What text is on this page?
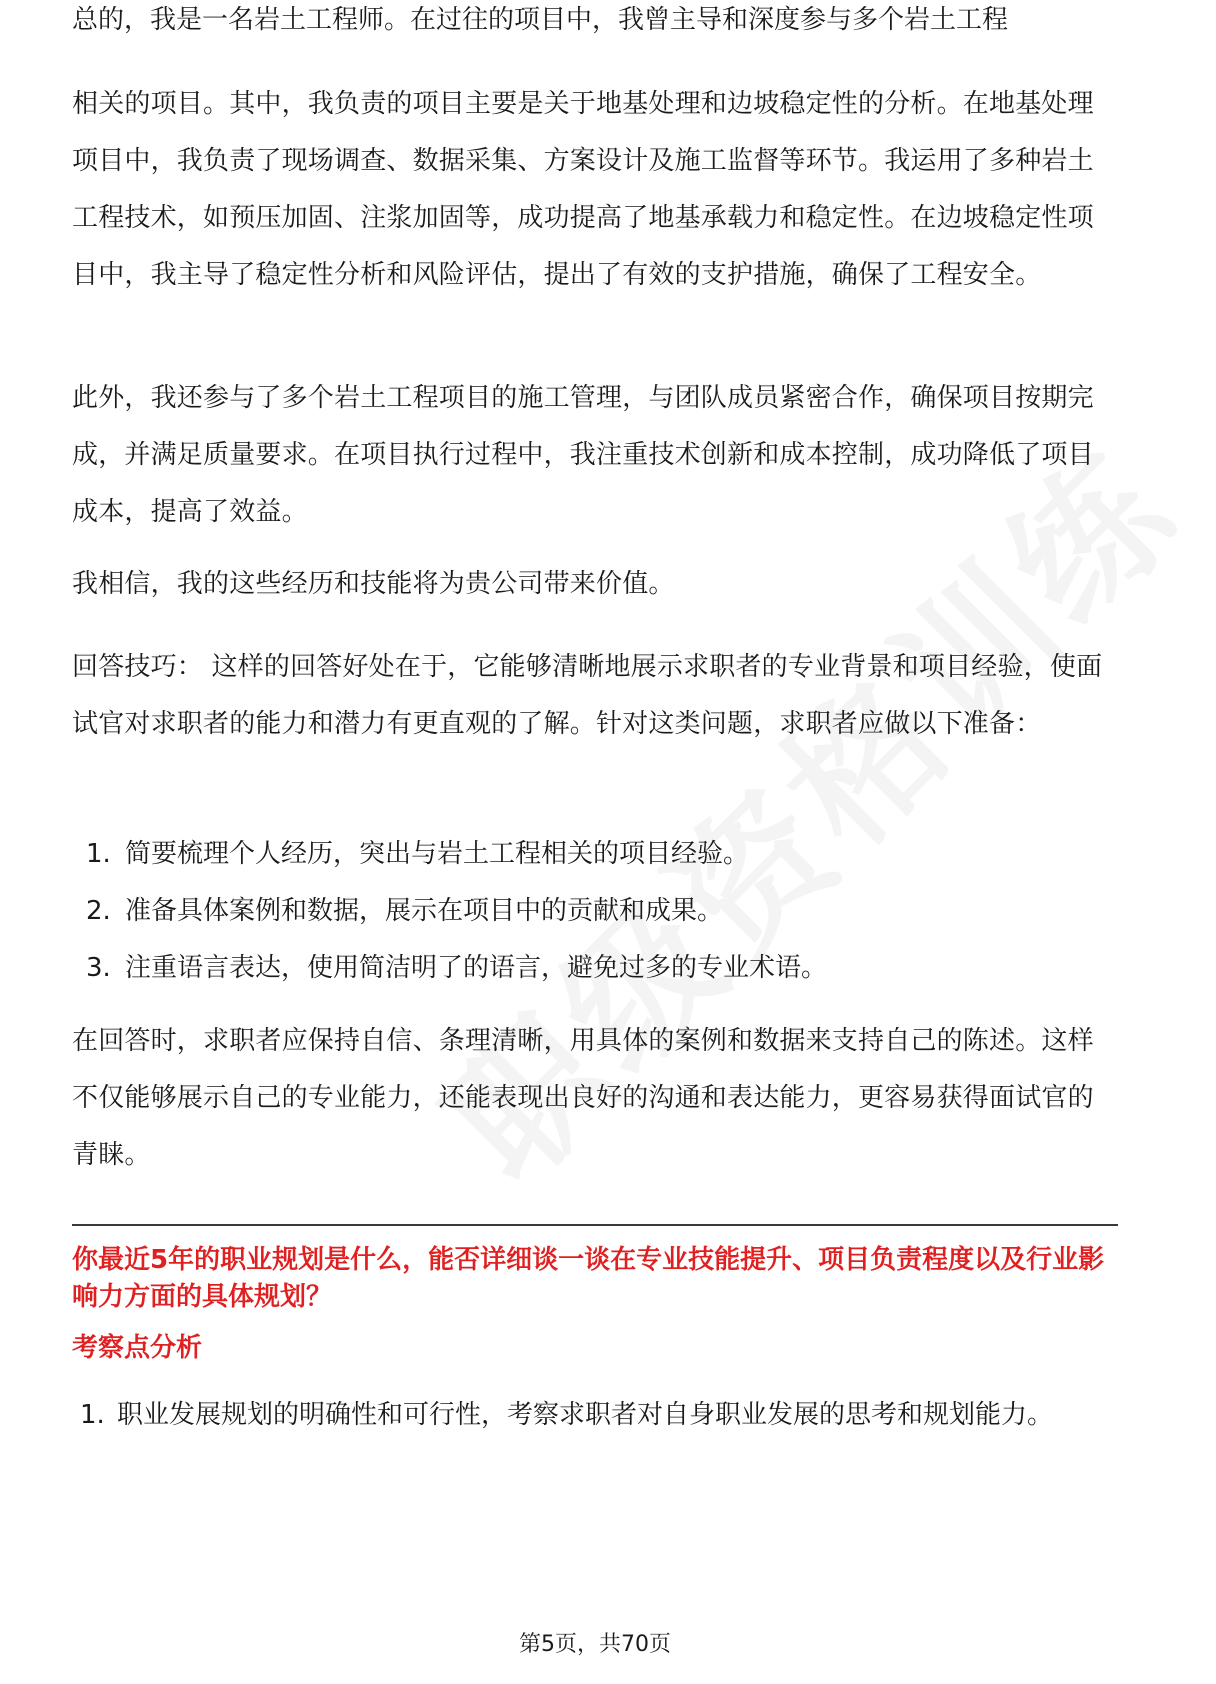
总的，我是一名岩土工程师。在过往的项目中，我曾主导和深度参与多个岩土工程

相关的项目。其中，我负责的项目主要是关于地基处理和边坡稳定性的分析。在地基处理项目中，我负责了现场调查、数据采集、方案设计及施工监督等环节。我运用了多种岩土工程技术，如预压加固、注浆加固等，成功提高了地基承载力和稳定性。在边坡稳定性项目中，我主导了稳定性分析和风险评估，提出了有效的支护措施，确保了工程安全。

此外，我还参与了多个岩土工程项目的施工管理，与团队成员紧密合作，确保项目按期完成，并满足质量要求。在项目执行过程中，我注重技术创新和成本控制，成功降低了项目成本，提高了效益。

我相信，我的这些经历和技能将为贵公司带来价值。

回答技巧： 这样的回答好处在于，它能够清晰地展示求职者的专业背景和项目经验，使面试官对求职者的能力和潜力有更直观的了解。针对这类问题，求职者应做以下准备：

1. 简要梳理个人经历，突出与岩土工程相关的项目经验。
2. 准备具体案例和数据，展示在项目中的贡献和成果。
3. 注重语言表达，使用简洁明了的语言，避免过多的专业术语。

在回答时，求职者应保持自信、条理清晰，用具体的案例和数据来支持自己的陈述。这样不仅能够展示自己的专业能力，还能表现出良好的沟通和表达能力，更容易获得面试官的青睐。

你最近5年的职业规划是什么，能否详细谈一谈在专业技能提升、项目负责程度以及行业影响力方面的具体规划？

考察点分析

1. 职业发展规划的明确性和可行性，考察求职者对自身职业发展的思考和规划能力。
第5页，共70页
